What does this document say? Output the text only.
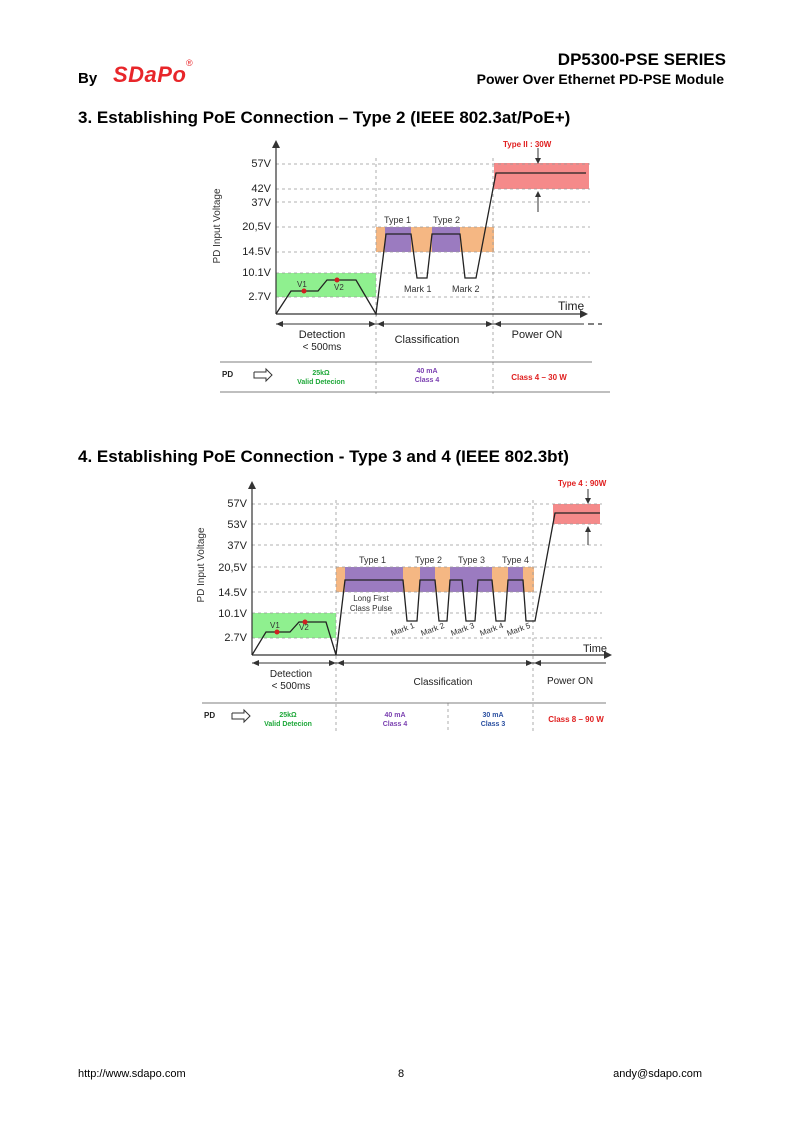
By SDaPo ®	DP5300-PSE SERIES
Power Over Ethernet PD-PSE Module
3. Establishing PoE Connection – Type 2 (IEEE 802.3at/PoE+)
57V
42V
37V
20,5V
14.5V
10.1V
2.7V
PD Input Voltage
Time
Type II : 30W
V1	V2
Type 1 Type 2
Mark 1 Mark 2
Detection
< 500ms
Classification	Power ON
PD	25kΩ
Valid Detecion
40 mA
Class 4	Class 4 – 30 W
4. Establishing PoE Connection - Type 3 and 4 (IEEE 802.3bt)
57V
53V
37V
20,5V
14.5V
10.1V
2.7V
PD Input Voltage
Time
Type 4 : 90W
V1 V2
Type 1	Type 2 Type 3 Type 4
Long First
Class Pulse
Mark 1 Mark 2 Mark 3 Mark 4 Mark 5
Detection
< 500ms	Classification	Power ON
PD	25kΩ
Valid Detecion
40 mA
Class 4
30 mA
Class 3
Class 8 – 90 W
http://www.sdapo.com	8	andy@sdapo.com
